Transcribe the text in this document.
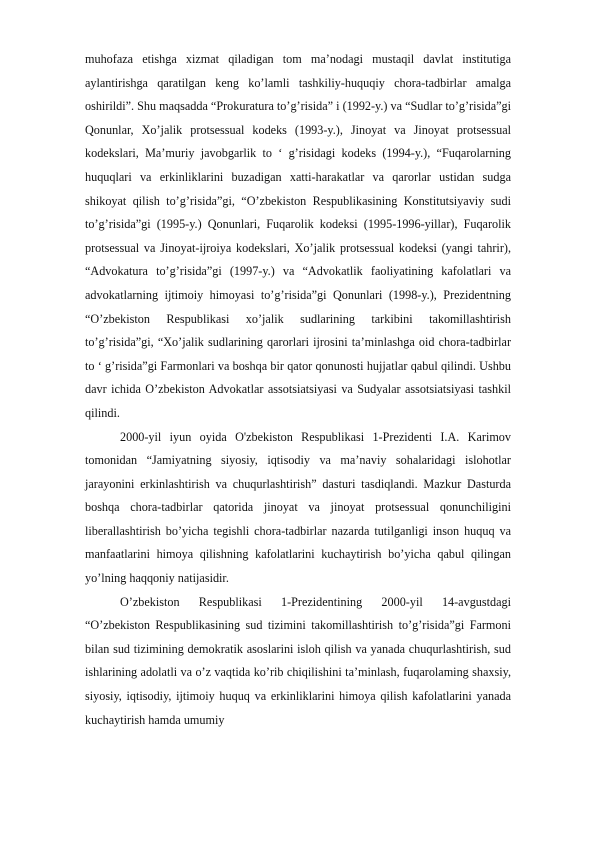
muhofaza etishga xizmat qiladigan tom ma’nodagi mustaqil davlat institutiga aylantirishga qaratilgan keng ko’lamli tashkiliy-huquqiy chora-tadbirlar amalga oshirildi”. Shu maqsadda “Prokuratura to’g’risida” i (1992-y.) va “Sudlar to’g’risida”gi Qonunlar, Xo’jalik protsessual kodeks (1993-y.), Jinoyat va Jinoyat protsessual kodekslari, Ma’muriy javobgarlik to ‘ g’risidagi kodeks (1994-y.), “Fuqarolarning huquqlari va erkinliklarini buzadigan xatti-harakatlar va qarorlar ustidan sudga shikoyat qilish to’g’risida”gi, “O’zbekiston Respublikasining Konstitutsiyaviy sudi to’g’risida”gi (1995-y.) Qonunlari, Fuqarolik kodeksi (1995-1996-yillar), Fuqarolik protsessual va Jinoyat-ijroiya kodekslari, Xo’jalik protsessual kodeksi (yangi tahrir), “Advokatura to’g’risida”gi (1997-y.) va “Advokatlik faoliyatining kafolatlari va advokatlarning ijtimoiy himoyasi to’g’risida”gi Qonunlari (1998-y.), Prezidentning “O’zbekiston Respublikasi xo’jalik sudlarining tarkibini takomillashtirish to’g’risida”gi, “Xo’jalik sudlarining qarorlari ijrosini ta’minlashga oid chora-tadbirlar to ‘ g’risida”gi Farmonlari va boshqa bir qator qonunosti hujjatlar qabul qilindi. Ushbu davr ichida O’zbekiston Advokatlar assotsiatsiyasi va Sudyalar assotsiatsiyasi tashkil qilindi.

2000-yil iyun oyida O'zbekiston Respublikasi 1-Prezidenti I.A. Karimov tomonidan “Jamiyatning siyosiy, iqtisodiy va ma’naviy sohalaridagi islohotlar jarayonini erkinlashtirish va chuqurlashtirish” dasturi tasdiqlandi. Mazkur Dasturda boshqa chora-tadbirlar qatorida jinoyat va jinoyat protsessual qonunchiligini liberallashtirish bo’yicha tegishli chora-tadbirlar nazarda tutilganligi inson huquq va manfaatlarini himoya qilishning kafolatlarini kuchaytirish bo’yicha qabul qilingan yo’lning haqqoniy natijasidir.

O’zbekiston Respublikasi 1-Prezidentining 2000-yil 14-avgustdagi “O’zbekiston Respublikasining sud tizimini takomillashtirish to’g’risida”gi Farmoni bilan sud tizimining demokratik asoslarini isloh qilish va yanada chuqurlashtirish, sud ishlarining adolatli va o’z vaqtida ko’rib chiqilishini ta’minlash, fuqarolaming shaxsiy, siyosiy, iqtisodiy, ijtimoiy huquq va erkinliklarini himoya qilish kafolatlarini yanada kuchaytirish hamda umumiy
